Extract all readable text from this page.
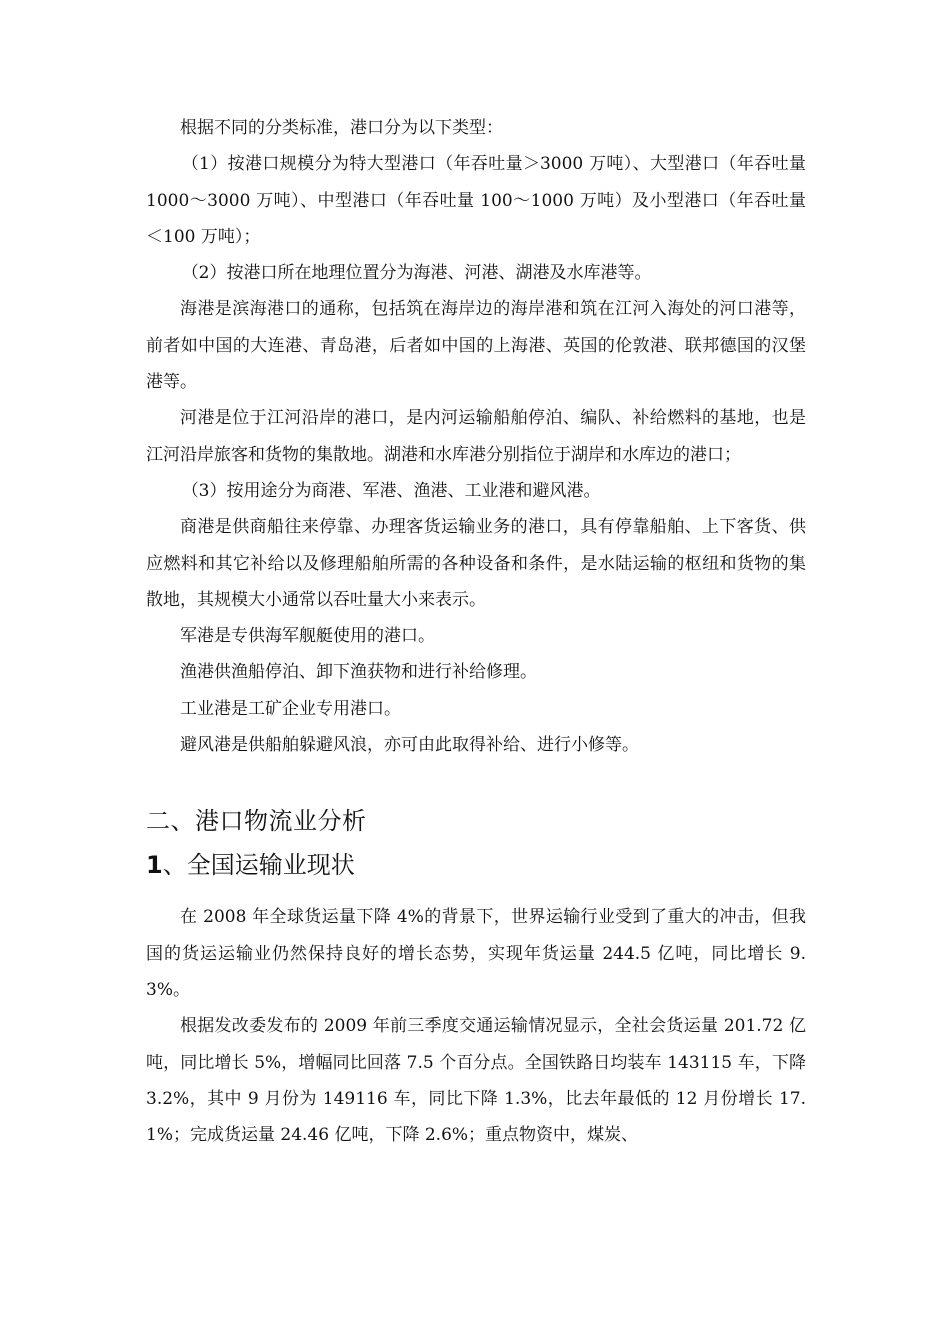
根据不同的分类标准，港口分为以下类型：

（1）按港口规模分为特大型港口（年吞吐量＞3000 万吨）、大型港口（年吞吐量 1000～3000 万吨）、中型港口（年吞吐量 100～1000 万吨）及小型港口（年吞吐量＜100 万吨）；

（2）按港口所在地理位置分为海港、河港、湖港及水库港等。

海港是滨海港口的通称，包括筑在海岸边的海岸港和筑在江河入海处的河口港等，前者如中国的大连港、青岛港，后者如中国的上海港、英国的伦敦港、联邦德国的汉堡港等。

河港是位于江河沿岸的港口，是内河运输船舶停泊、编队、补给燃料的基地，也是江河沿岸旅客和货物的集散地。湖港和水库港分别指位于湖岸和水库边的港口；

（3）按用途分为商港、军港、渔港、工业港和避风港。

商港是供商船往来停靠、办理客货运输业务的港口，具有停靠船舶、上下客货、供应燃料和其它补给以及修理船舶所需的各种设备和条件，是水陆运输的枢纽和货物的集散地，其规模大小通常以吞吐量大小来表示。

军港是专供海军舰艇使用的港口。

渔港供渔船停泊、卸下渔获物和进行补给修理。

工业港是工矿企业专用港口。

避风港是供船舶躲避风浪，亦可由此取得补给、进行小修等。

二、港口物流业分析
1、全国运输业现状

在 2008 年全球货运量下降 4%的背景下，世界运输行业受到了重大的冲击，但我国的货运运输业仍然保持良好的增长态势，实现年货运量 244.5 亿吨，同比增长 9.3%。

根据发改委发布的 2009 年前三季度交通运输情况显示，全社会货运量 201.72 亿吨，同比增长 5%，增幅同比回落 7.5 个百分点。全国铁路日均装车 143115 车，下降 3.2%，其中 9 月份为 149116 车，同比下降 1.3%，比去年最低的 12 月份增长 17.1%；完成货运量 24.46 亿吨，下降 2.6%；重点物资中，煤炭、
